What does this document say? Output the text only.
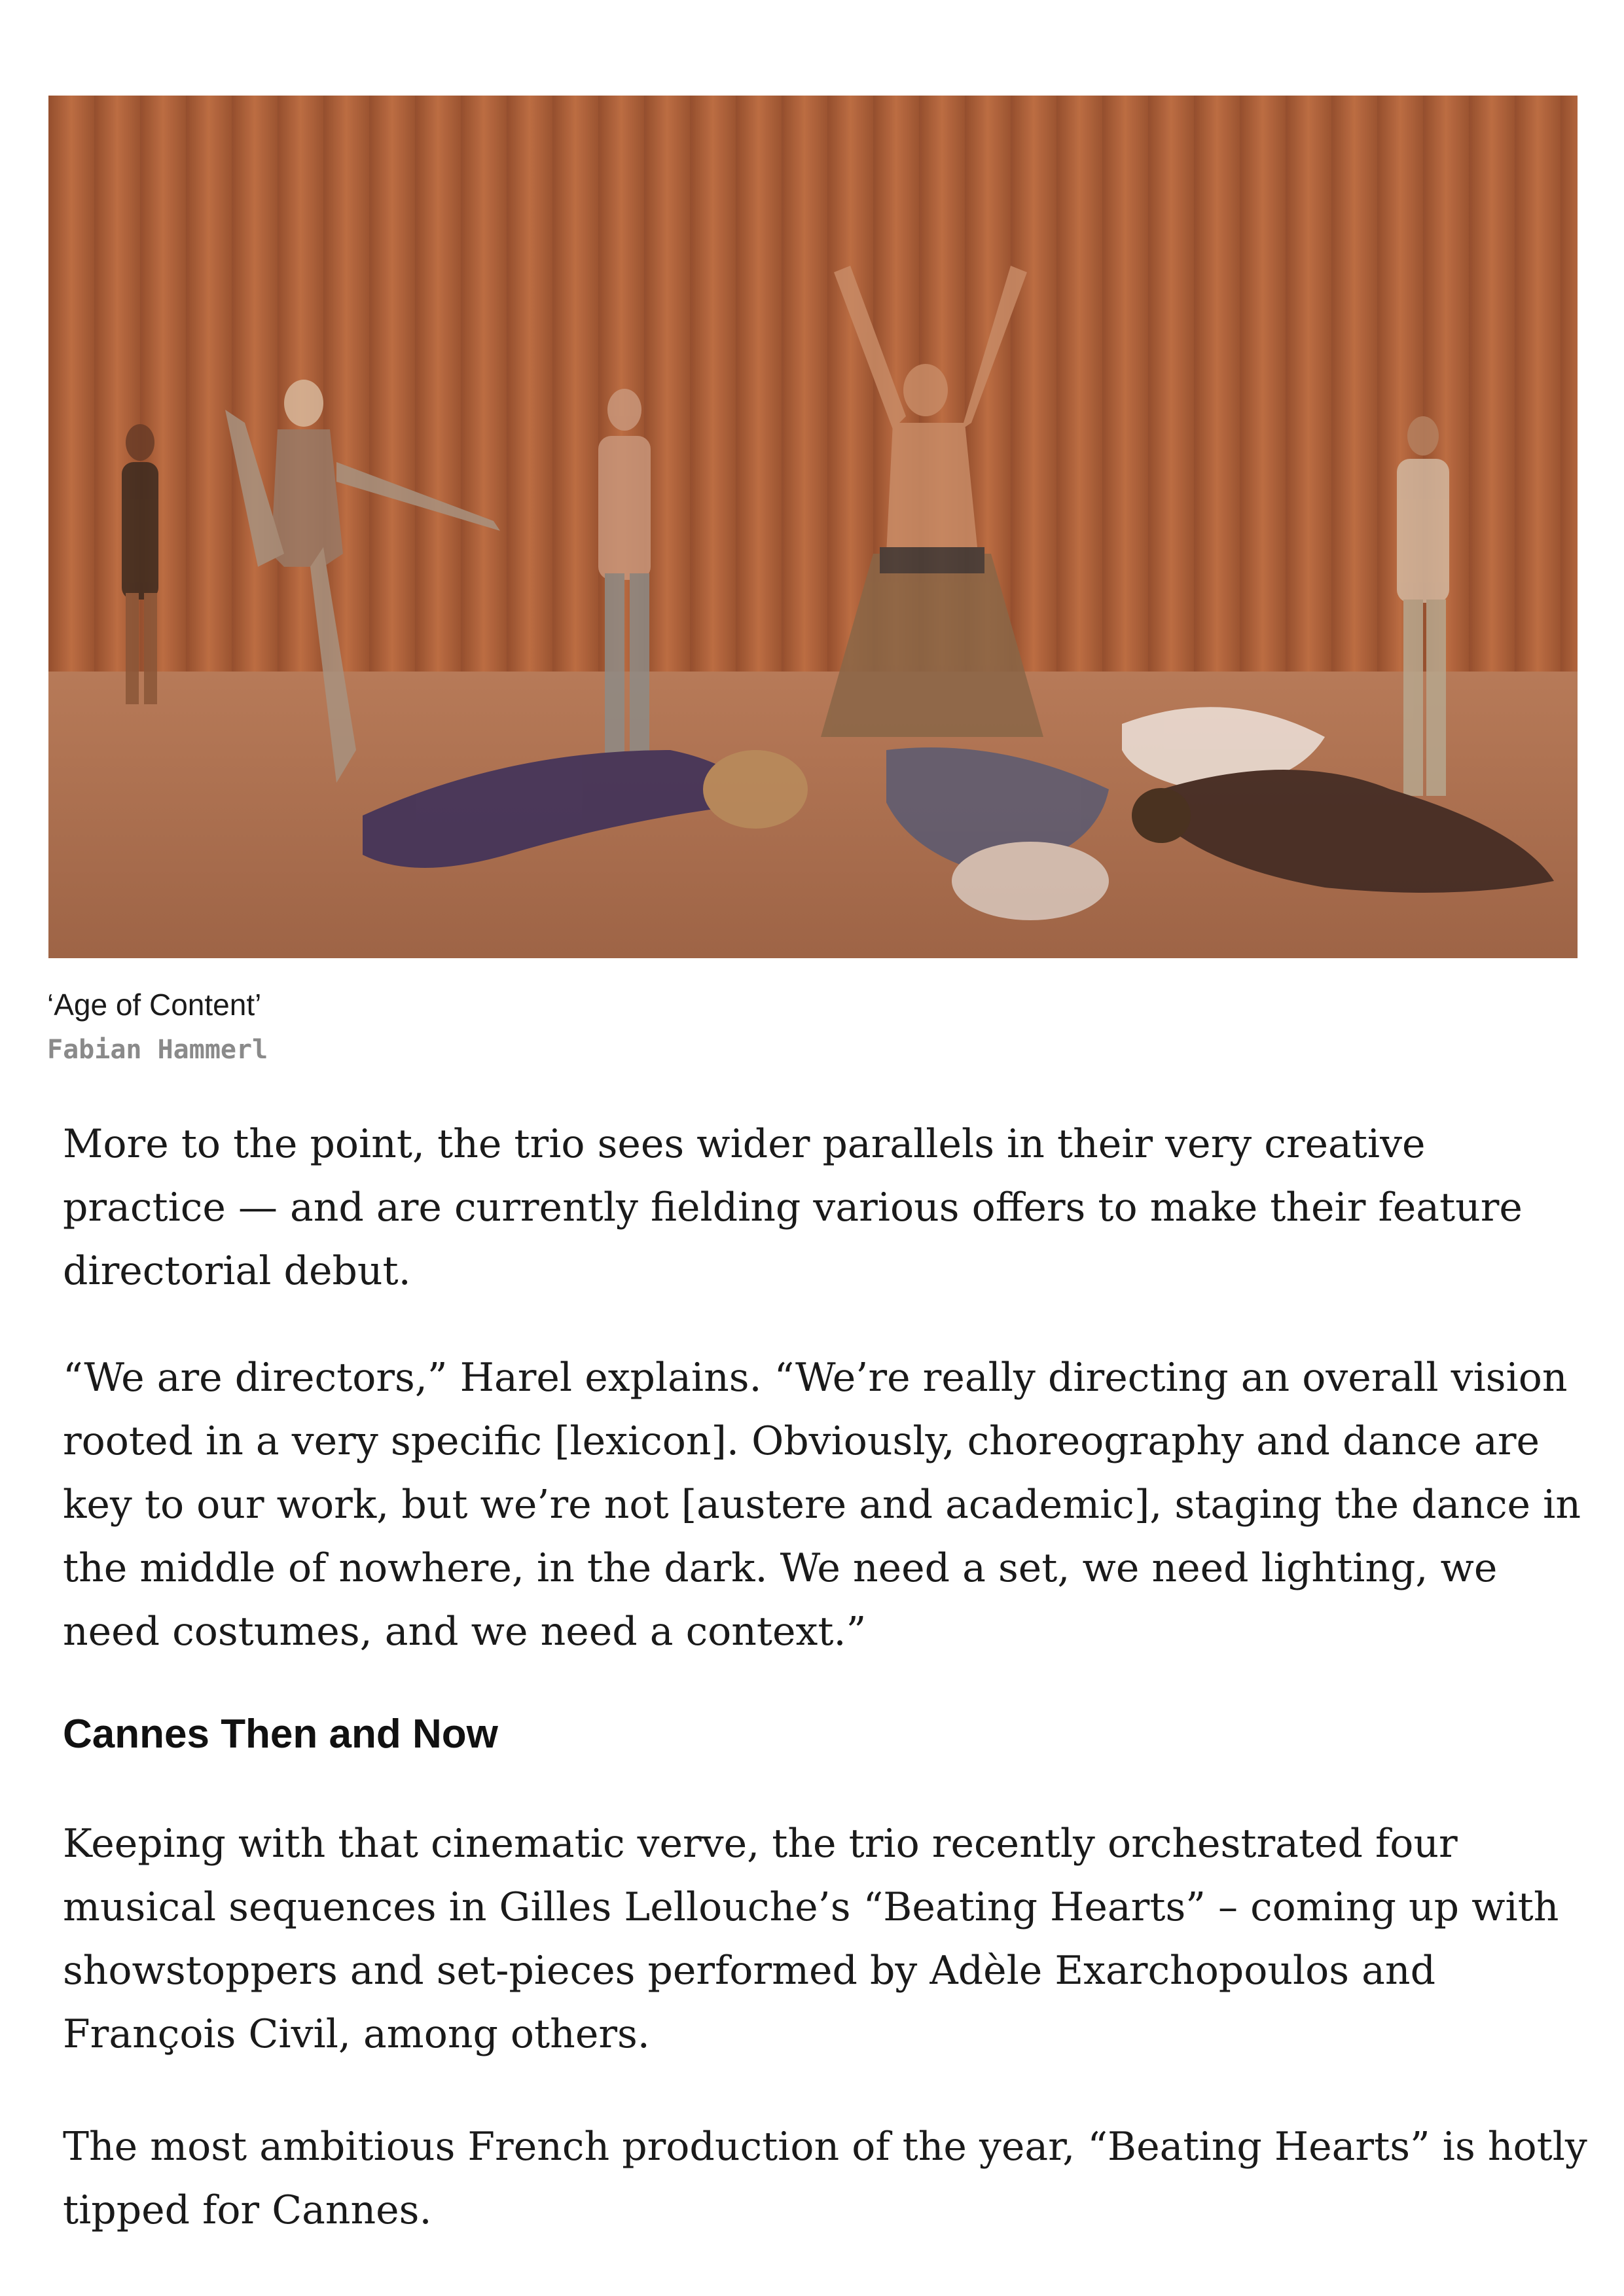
‘Age of Content’
Fabian Hammerl

More to the point, the trio sees wider parallels in their very creative practice — and are currently fielding various offers to make their feature directorial debut.

“We are directors,” Harel explains. “We’re really directing an overall vision rooted in a very specific [lexicon]. Obviously, choreography and dance are key to our work, but we’re not [austere and academic], staging the dance in the middle of nowhere, in the dark. We need a set, we need lighting, we need costumes, and we need a context.”

Cannes Then and Now

Keeping with that cinematic verve, the trio recently orchestrated four musical sequences in Gilles Lellouche’s “Beating Hearts” – coming up with showstoppers and set-pieces performed by Adèle Exarchopoulos and François Civil, among others.

The most ambitious French production of the year, “Beating Hearts” is hotly tipped for Cannes.
